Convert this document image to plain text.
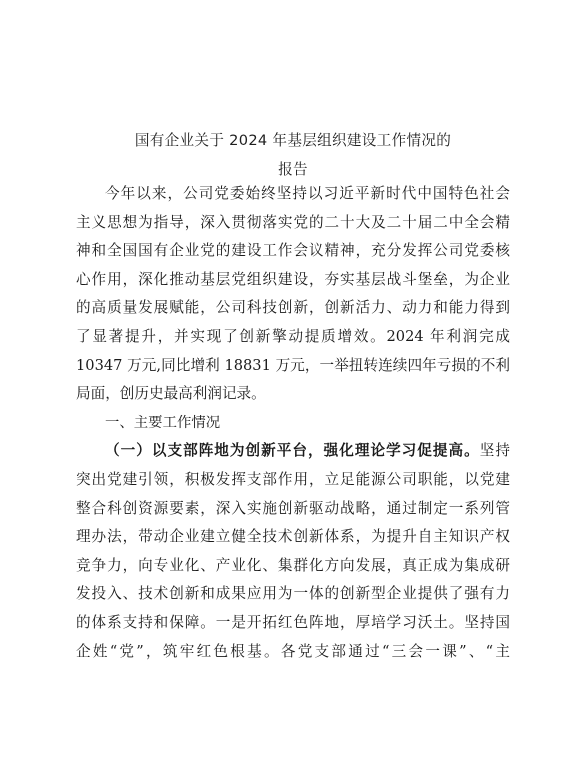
国有企业关于 2024 年基层组织建设工作情况的
报告
今年以来，公司党委始终坚持以习近平新时代中国特色社会
主义思想为指导，深入贯彻落实党的二十大及二十届二中全会精
神和全国国有企业党的建设工作会议精神，充分发挥公司党委核
心作用，深化推动基层党组织建设，夯实基层战斗堡垒，为企业
的高质量发展赋能，公司科技创新，创新活力、动力和能力得到
了显著提升，并实现了创新擎动提质增效。2024 年利润完成
10347 万元,同比增利 18831 万元，一举扭转连续四年亏损的不利
局面，创历史最高利润记录。
一、主要工作情况
（一）以支部阵地为创新平台，强化理论学习促提高。坚持
突出党建引领，积极发挥支部作用，立足能源公司职能，以党建
整合科创资源要素，深入实施创新驱动战略，通过制定一系列管
理办法，带动企业建立健全技术创新体系，为提升自主知识产权
竞争力，向专业化、产业化、集群化方向发展，真正成为集成研
发投入、技术创新和成果应用为一体的创新型企业提供了强有力
的体系支持和保障。一是开拓红色阵地，厚培学习沃土。坚持国
企姓“党”，筑牢红色根基。各党支部通过“三会一课”、“主
